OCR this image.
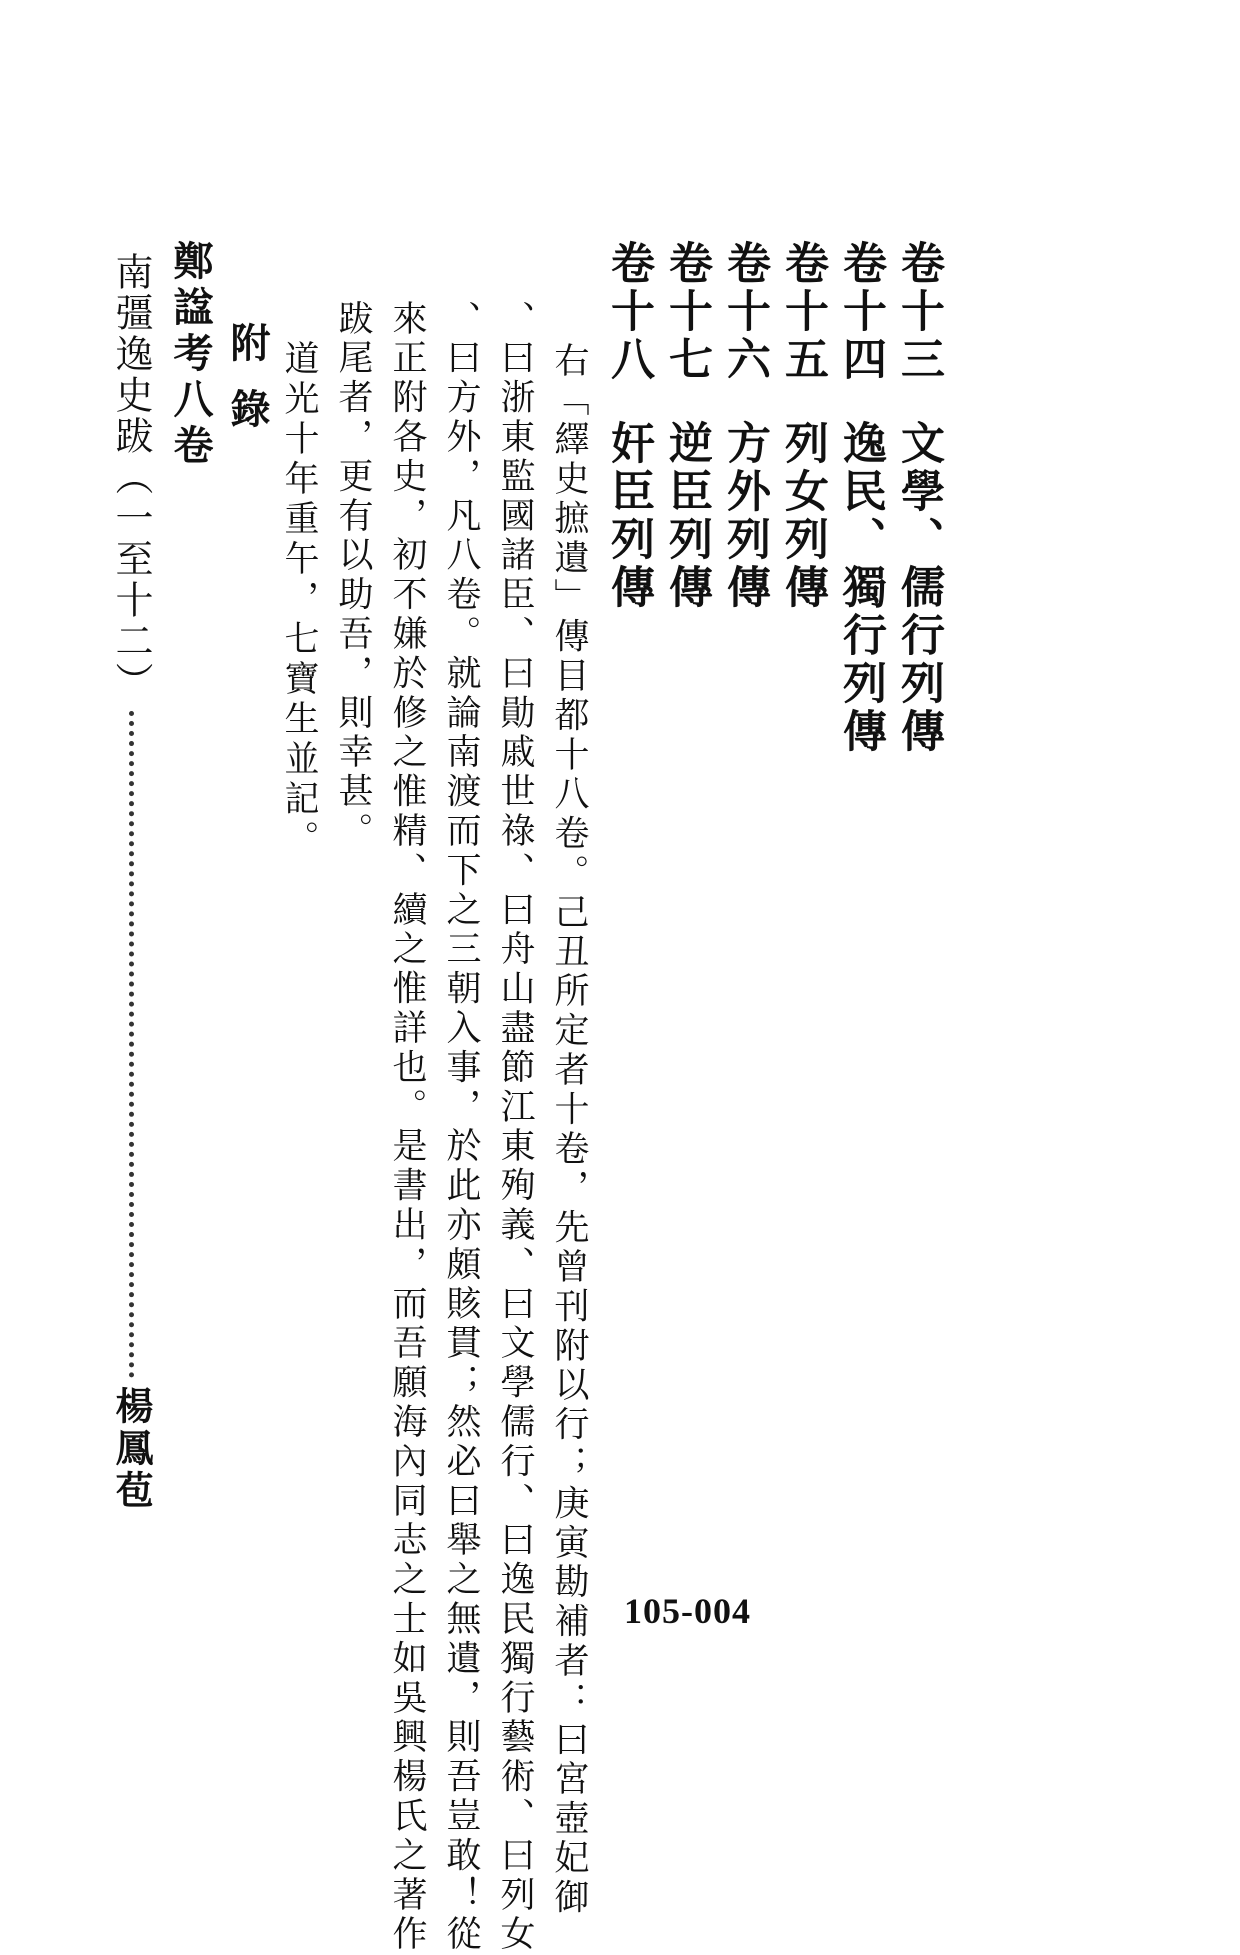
卷十三文學、儒行列傳
卷十四逸民、獨行列傳
卷十五列女列傳
卷十六方外列傳
卷十七逆臣列傳
卷十八奸臣列傳
右「繹史摭遺」傳目都十八卷。己丑所定者十卷，先曾刊附以行；庚寅勘補者：曰宮壺妃御
、曰浙東監國諸臣、曰勛戚世祿、曰舟山盡節江東殉義、曰文學儒行、曰逸民獨行藝術、曰列女
、曰方外，凡八卷。就論南渡而下之三朝入事，於此亦頗賅貫；然必曰舉之無遺，則吾豈敢！從
來正附各史，初不嫌於修之惟精、續之惟詳也。是書出，而吾願海內同志之士如吳興楊氏之著作
跋尾者，更有以助吾，則幸甚。
道光十年重午，七寶生並記。
附錄
鄭諡考八卷
南彊逸史跋（一至十二）
楊鳳苞
105-004
